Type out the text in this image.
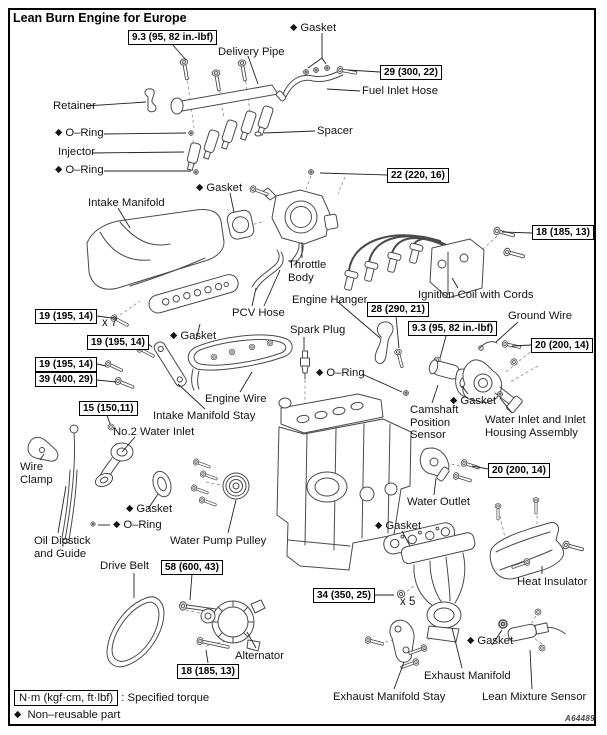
Lean Burn Engine for Europe
9.3 (95, 82 in.-lbf)
29 (300, 22)
22 (220, 16)
18 (185, 13)
28 (290, 21)
9.3 (95, 82 in.-lbf)
20 (200, 14)
19 (195, 14)
19 (195, 14)
19 (195, 14)
39 (400, 29)
15 (150,11)
20 (200, 14)
58 (600, 43)
34 (350, 25)
18 (185, 13)
x 7
x 5
Delivery Pipe
◆ Gasket
Fuel Inlet Hose
Retainer
Spacer
◆ O–Ring
Injector
◆ O–Ring
Intake Manifold
◆ Gasket
Throttle Body
PCV Hose
Engine Hanger	Ignition Coil with Cords
Ground Wire
Spark Plug
◆ O–Ring
Camshaft Position Sensor
◆ Gasket
Water Inlet and Inlet Housing Assembly
◆ Gasket
Engine Wire
Intake Manifold Stay
No.2 Water Inlet
Wire Clamp
◆ Gasket
◆ O–Ring
Oil Dipstick and Guide
Water Pump Pulley
Drive Belt
Alternator
Water Outlet
◆ Gasket
Heat Insulator
◆ Gasket
Exhaust Manifold
Exhaust Manifold Stay	Lean Mixture Sensor
N·m (kgf·cm, ft·lbf) : Specified torque
◆ Non–reusable part	A64489
